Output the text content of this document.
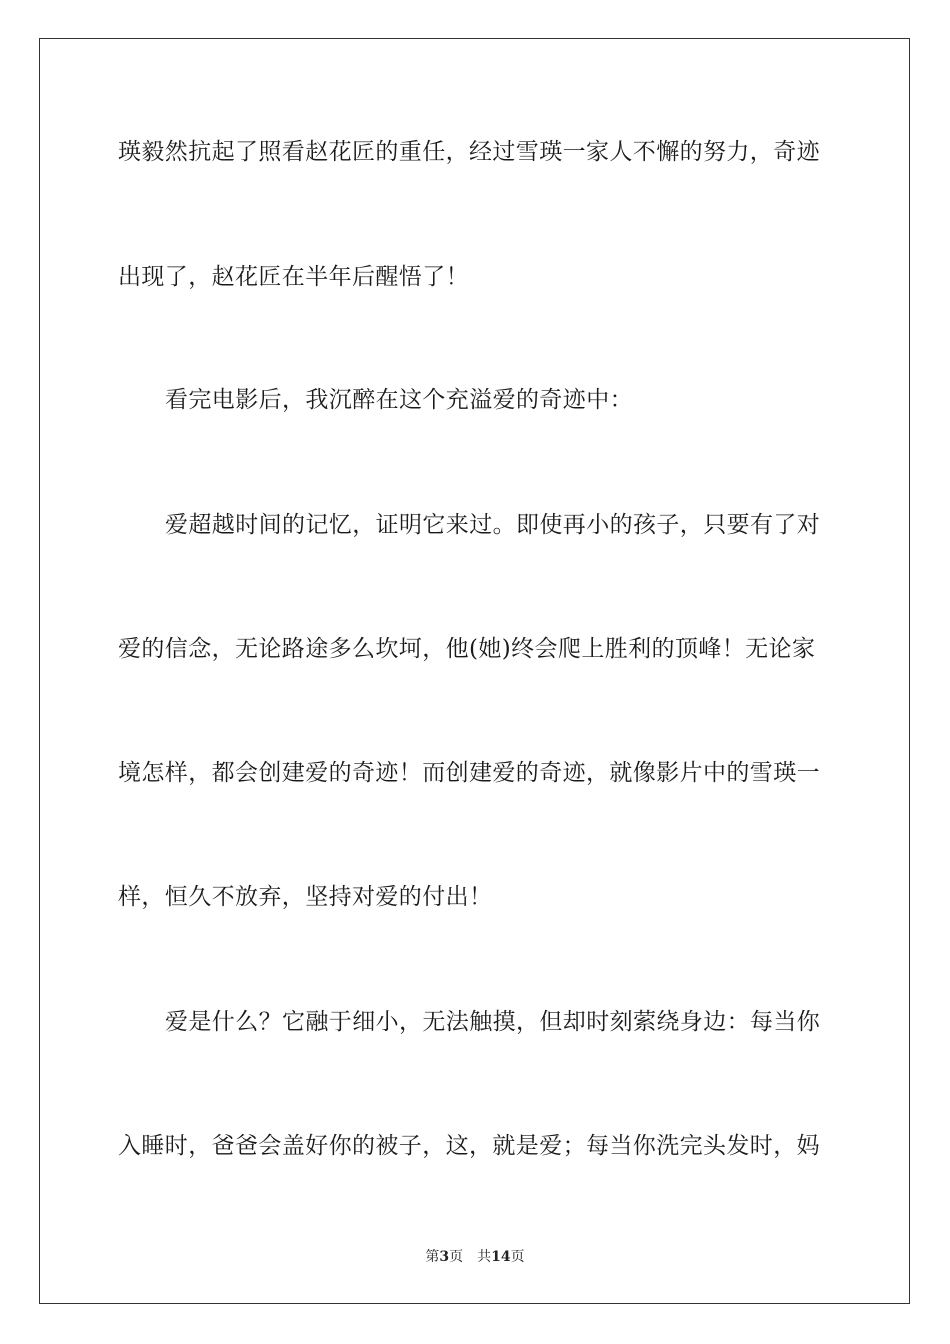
瑛毅然抗起了照看赵花匠的重任，经过雪瑛一家人不懈的努力，奇迹
出现了，赵花匠在半年后醒悟了！
看完电影后，我沉醉在这个充溢爱的奇迹中：
爱超越时间的记忆，证明它来过。即使再小的孩子，只要有了对
爱的信念，无论路途多么坎坷，他(她)终会爬上胜利的顶峰！无论家
境怎样，都会创建爱的奇迹！而创建爱的奇迹，就像影片中的雪瑛一
样，恒久不放弃，坚持对爱的付出！
爱是什么？它融于细小，无法触摸，但却时刻萦绕身边：每当你
入睡时，爸爸会盖好你的被子，这，就是爱；每当你洗完头发时，妈
第3页 共14页
